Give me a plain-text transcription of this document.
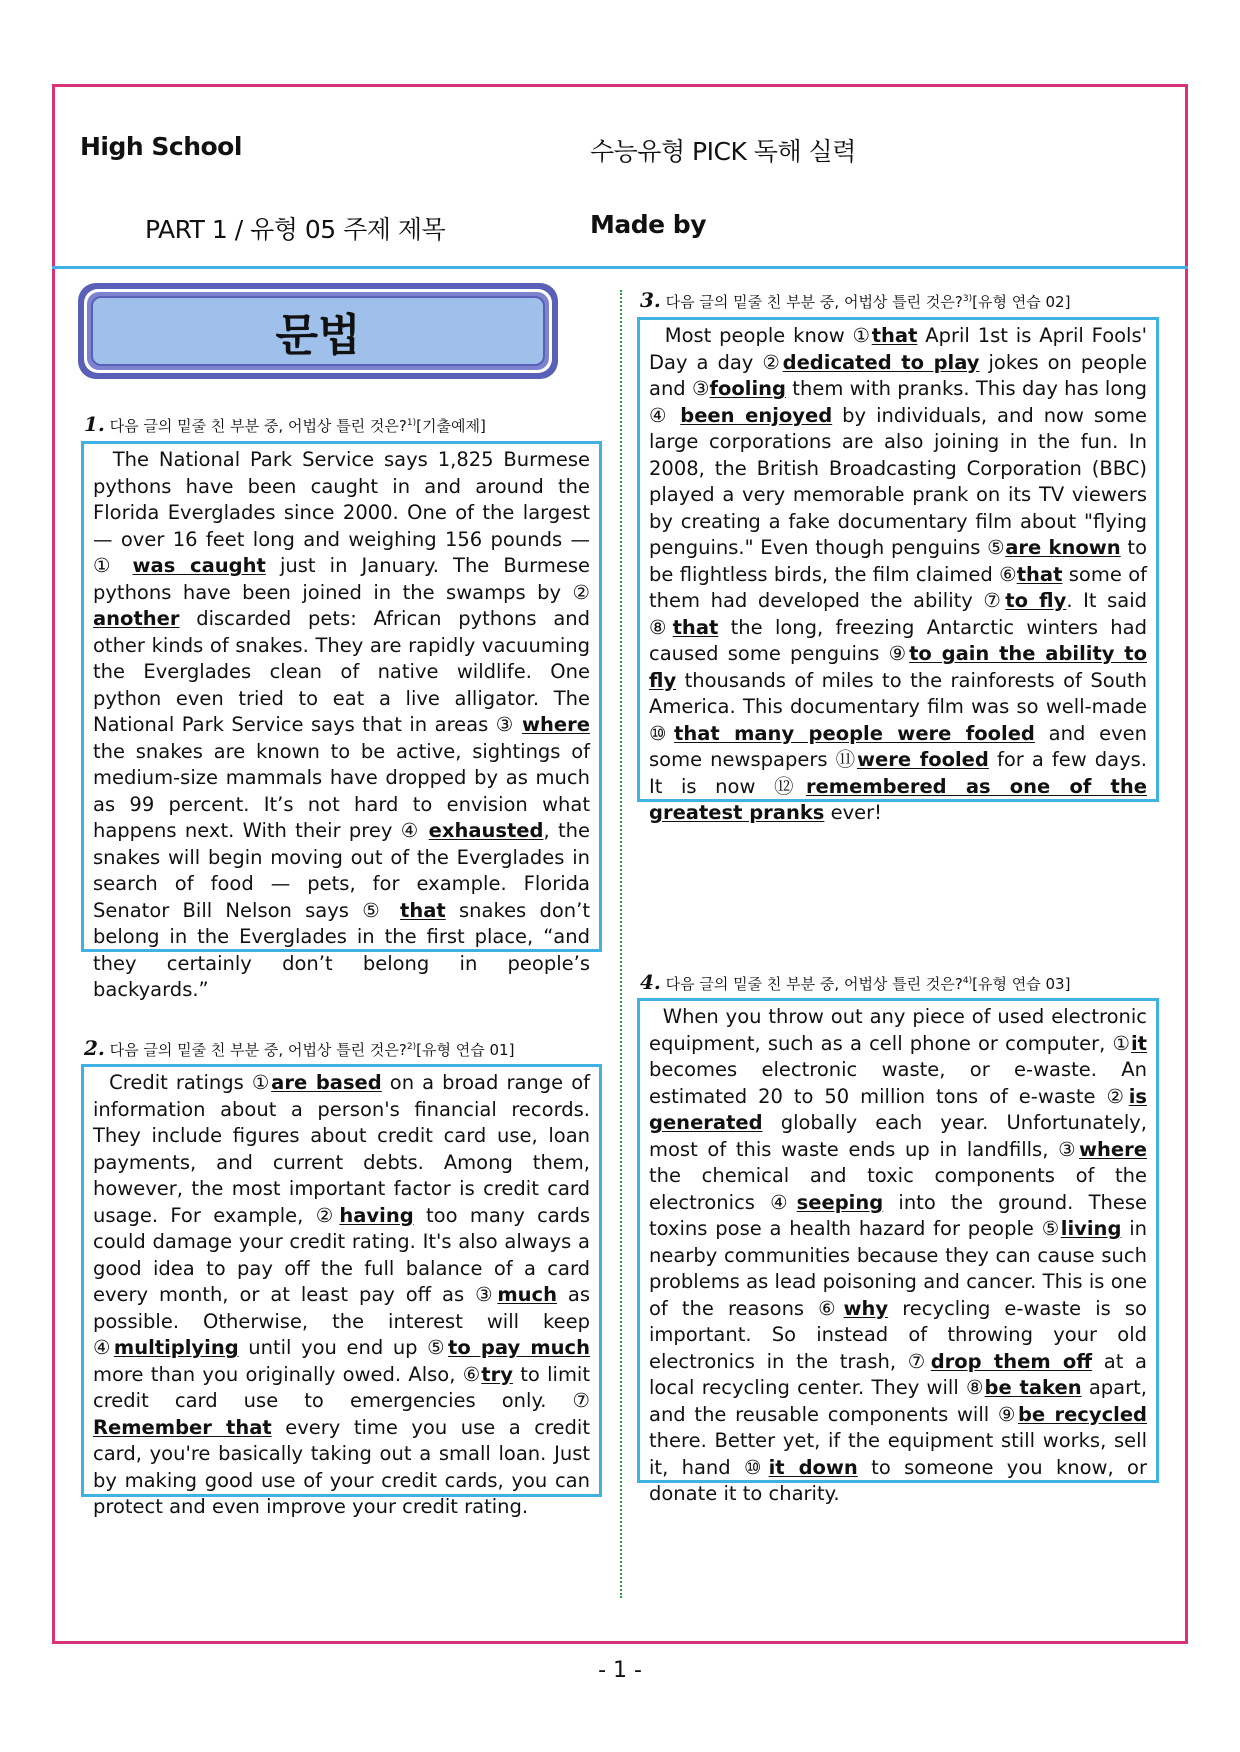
High School	수능유형 PICK 독해 실력
PART 1 / 유형 05 주제 제목	Made by
문법
1. 다음 글의 밑줄 친 부분 중, 어법상 틀린 것은?$^{1)}$[기출예제]
The National Park Service says 1,825 Burmese pythons have been caught in and around the Florida Everglades since 2000. One of the largest — over 16 feet long and weighing 156 pounds — ① was caught just in January. The Burmese pythons have been joined in the swamps by ② another discarded pets: African pythons and other kinds of snakes. They are rapidly vacuuming the Everglades clean of native wildlife. One python even tried to eat a live alligator. The National Park Service says that in areas ③ where the snakes are known to be active, sightings of medium-size mammals have dropped by as much as 99 percent. It’s not hard to envision what happens next. With their prey ④ exhausted, the snakes will begin moving out of the Everglades in search of food — pets, for example. Florida Senator Bill Nelson says ⑤ that snakes don’t belong in the Everglades in the first place, “and they certainly don’t belong in people’s backyards.”
2. 다음 글의 밑줄 친 부분 중, 어법상 틀린 것은?$^{2)}$[유형 연습 01]
Credit ratings ①are based on a broad range of information about a person's financial records. They include figures about credit card use, loan payments, and current debts. Among them, however, the most important factor is credit card usage. For example, ②having too many cards could damage your credit rating. It's also always a good idea to pay off the full balance of a card every month, or at least pay off as ③much as possible. Otherwise, the interest will keep ④multiplying until you end up ⑤to pay much more than you originally owed. Also, ⑥try to limit credit card use to emergencies only. ⑦ Remember that every time you use a credit card, you're basically taking out a small loan. Just by making good use of your credit cards, you can protect and even improve your credit rating.
3. 다음 글의 밑줄 친 부분 중, 어법상 틀린 것은?$^{3)}$[유형 연습 02]
Most people know ①that April 1st is April Fools' Day a day ②dedicated to play jokes on people and ③fooling them with pranks. This day has long ④ been enjoyed by individuals, and now some large corporations are also joining in the fun. In 2008, the British Broadcasting Corporation (BBC) played a very memorable prank on its TV viewers by creating a fake documentary film about "flying penguins." Even though penguins ⑤are known to be flightless birds, the film claimed ⑥that some of them had developed the ability ⑦to fly. It said ⑧that the long, freezing Antarctic winters had caused some penguins ⑨to gain the ability to fly thousands of miles to the rainforests of South America. This documentary film was so well-made ⑩that many people were fooled and even some newspapers ⑪were fooled for a few days. It is now ⑫remembered as one of the greatest pranks ever!
4. 다음 글의 밑줄 친 부분 중, 어법상 틀린 것은?$^{4)}$[유형 연습 03]
When you throw out any piece of used electronic equipment, such as a cell phone or computer, ①it becomes electronic waste, or e-waste. An estimated 20 to 50 million tons of e-waste ②is generated globally each year. Unfortunately, most of this waste ends up in landfills, ③where the chemical and toxic components of the electronics ④seeping into the ground. These toxins pose a health hazard for people ⑤living in nearby communities because they can cause such problems as lead poisoning and cancer. This is one of the reasons ⑥why recycling e-waste is so important. So instead of throwing your old electronics in the trash, ⑦drop them off at a local recycling center. They will ⑧be taken apart, and the reusable components will ⑨be recycled there. Better yet, if the equipment still works, sell it, hand ⑩it down to someone you know, or donate it to charity.
- 1 -
